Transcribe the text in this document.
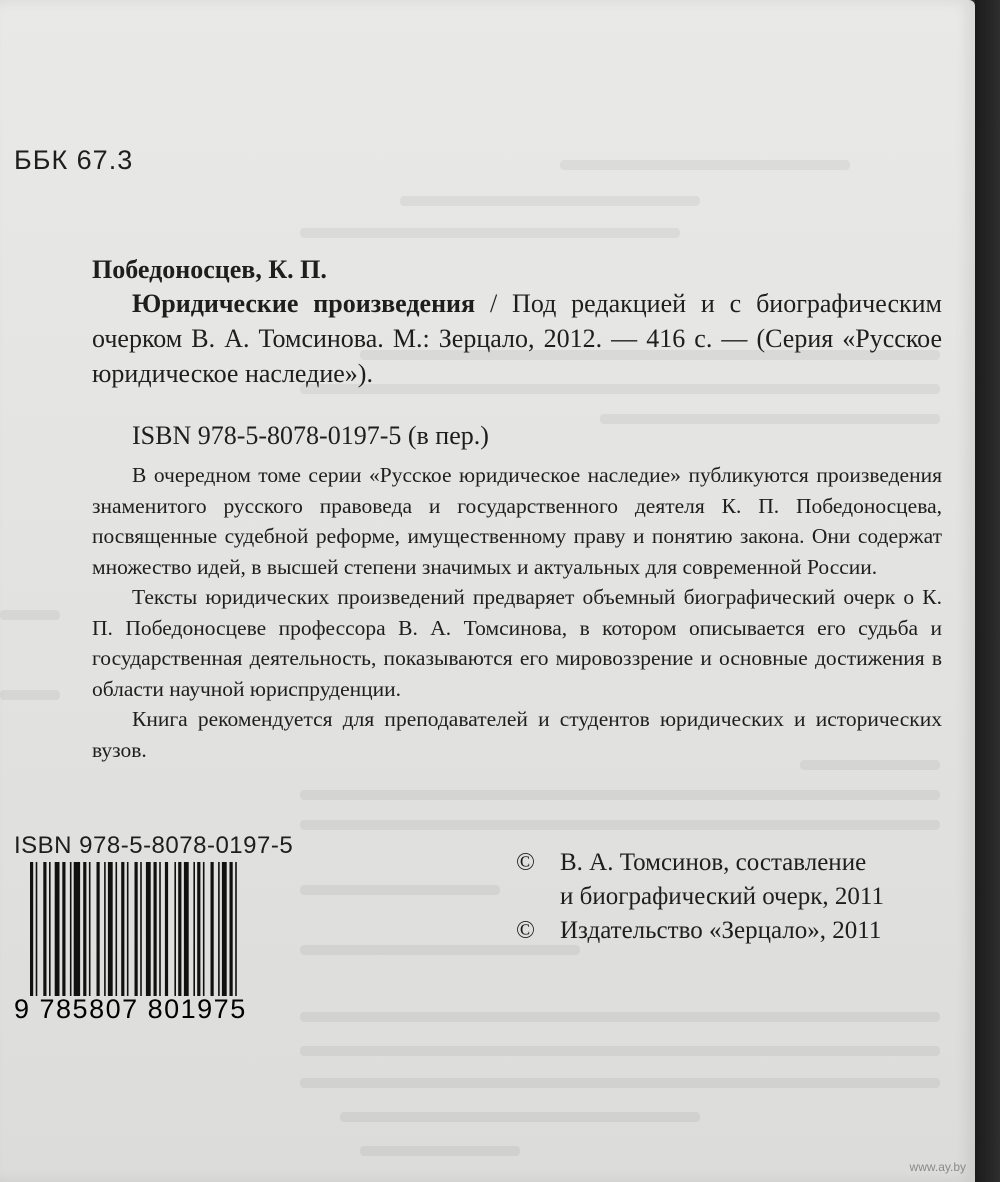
ББК 67.3
Победоносцев, К. П.
Юридические произведения / Под редакцией и с биографическим очерком В. А. Томсинова. М.: Зерцало, 2012. — 416 с. — (Серия «Русское юридическое наследие»).
ISBN 978-5-8078-0197-5 (в пер.)

В очередном томе серии «Русское юридическое наследие» публикуются произведения знаменитого русского правоведа и государственного деятеля К. П. Победоносцева, посвященные судебной реформе, имущественному праву и понятию закона. Они содержат множество идей, в высшей степени значимых и актуальных для современной России.

Тексты юридических произведений предваряет объемный биографический очерк о К. П. Победоносцеве профессора В. А. Томсинова, в котором описывается его судьба и государственная деятельность, показываются его мировоззрение и основные достижения в области научной юриспруденции.

Книга рекомендуется для преподавателей и студентов юридических и исторических вузов.

ISBN 978-5-8078-0197-5
9 785807 801975
© В. А. Томсинов, составление
и биографический очерк, 2011
© Издательство «Зерцало», 2011
www.ay.by
